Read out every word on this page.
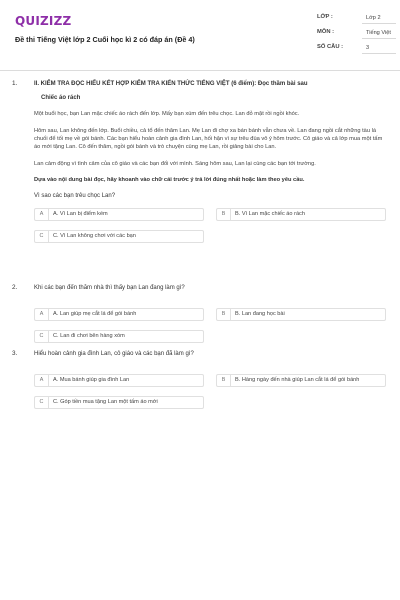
QUIZIZZ
Đề thi Tiếng Việt lớp 2 Cuối học kì 2 có đáp án (Đề 4)
LỚP :	Lớp 2
MÔN :	Tiếng Việt
SỐ CÂU :	3
1.	II. KIỂM TRA ĐỌC HIỂU KẾT HỢP KIỂM TRA KIẾN THỨC TIẾNG VIỆT (6 điểm): Đọc thầm bài sau
Chiếc áo rách
Một buổi học, bạn Lan mặc chiếc áo rách đến lớp. Mấy bạn xúm đến trêu chọc. Lan đỏ mặt rồi ngồi khóc.
Hôm sau, Lan không đến lớp. Buổi chiều, cả tổ đến thăm Lan. Mẹ Lan đi chợ xa bán bánh vẫn chưa về. Lan đang ngồi cắt những tàu lá chuối để tối mẹ về gói bánh. Các bạn hiểu hoàn cảnh gia đình Lan, hối hận vì sự trêu đùa vô ý hôm trước. Cô giáo và cả lớp mua một tấm áo mới tặng Lan. Cô đến thăm, ngồi gói bánh và trò chuyện cùng mẹ Lan, rồi giảng bài cho Lan.
Lan cảm động vì tình cảm của cô giáo và các bạn đối với mình. Sáng hôm sau, Lan lại cùng các bạn tới trường.
Dựa vào nội dung bài đọc, hãy khoanh vào chữ cái trước ý trả lời đúng nhất hoặc làm theo yêu cầu.
Vì sao các bạn trêu chọc Lan?
A	A. Vì Lan bị điểm kém	B	B. Vì Lan mặc chiếc áo rách
C	C. Vì Lan không chơi với các bạn
2.	Khi các bạn đến thăm nhà thì thấy bạn Lan đang làm gì?
A	A. Lan giúp mẹ cắt lá để gói bánh	B	B. Lan đang học bài
C	C. Lan đi chơi bên hàng xóm
3.	Hiểu hoàn cảnh gia đình Lan, cô giáo và các bạn đã làm gì?
A	A. Mua bánh giúp gia đình Lan	B	B. Hàng ngày đến nhà giúp Lan cắt lá để gói bánh
C	C. Góp tiền mua tặng Lan một tấm áo mới
